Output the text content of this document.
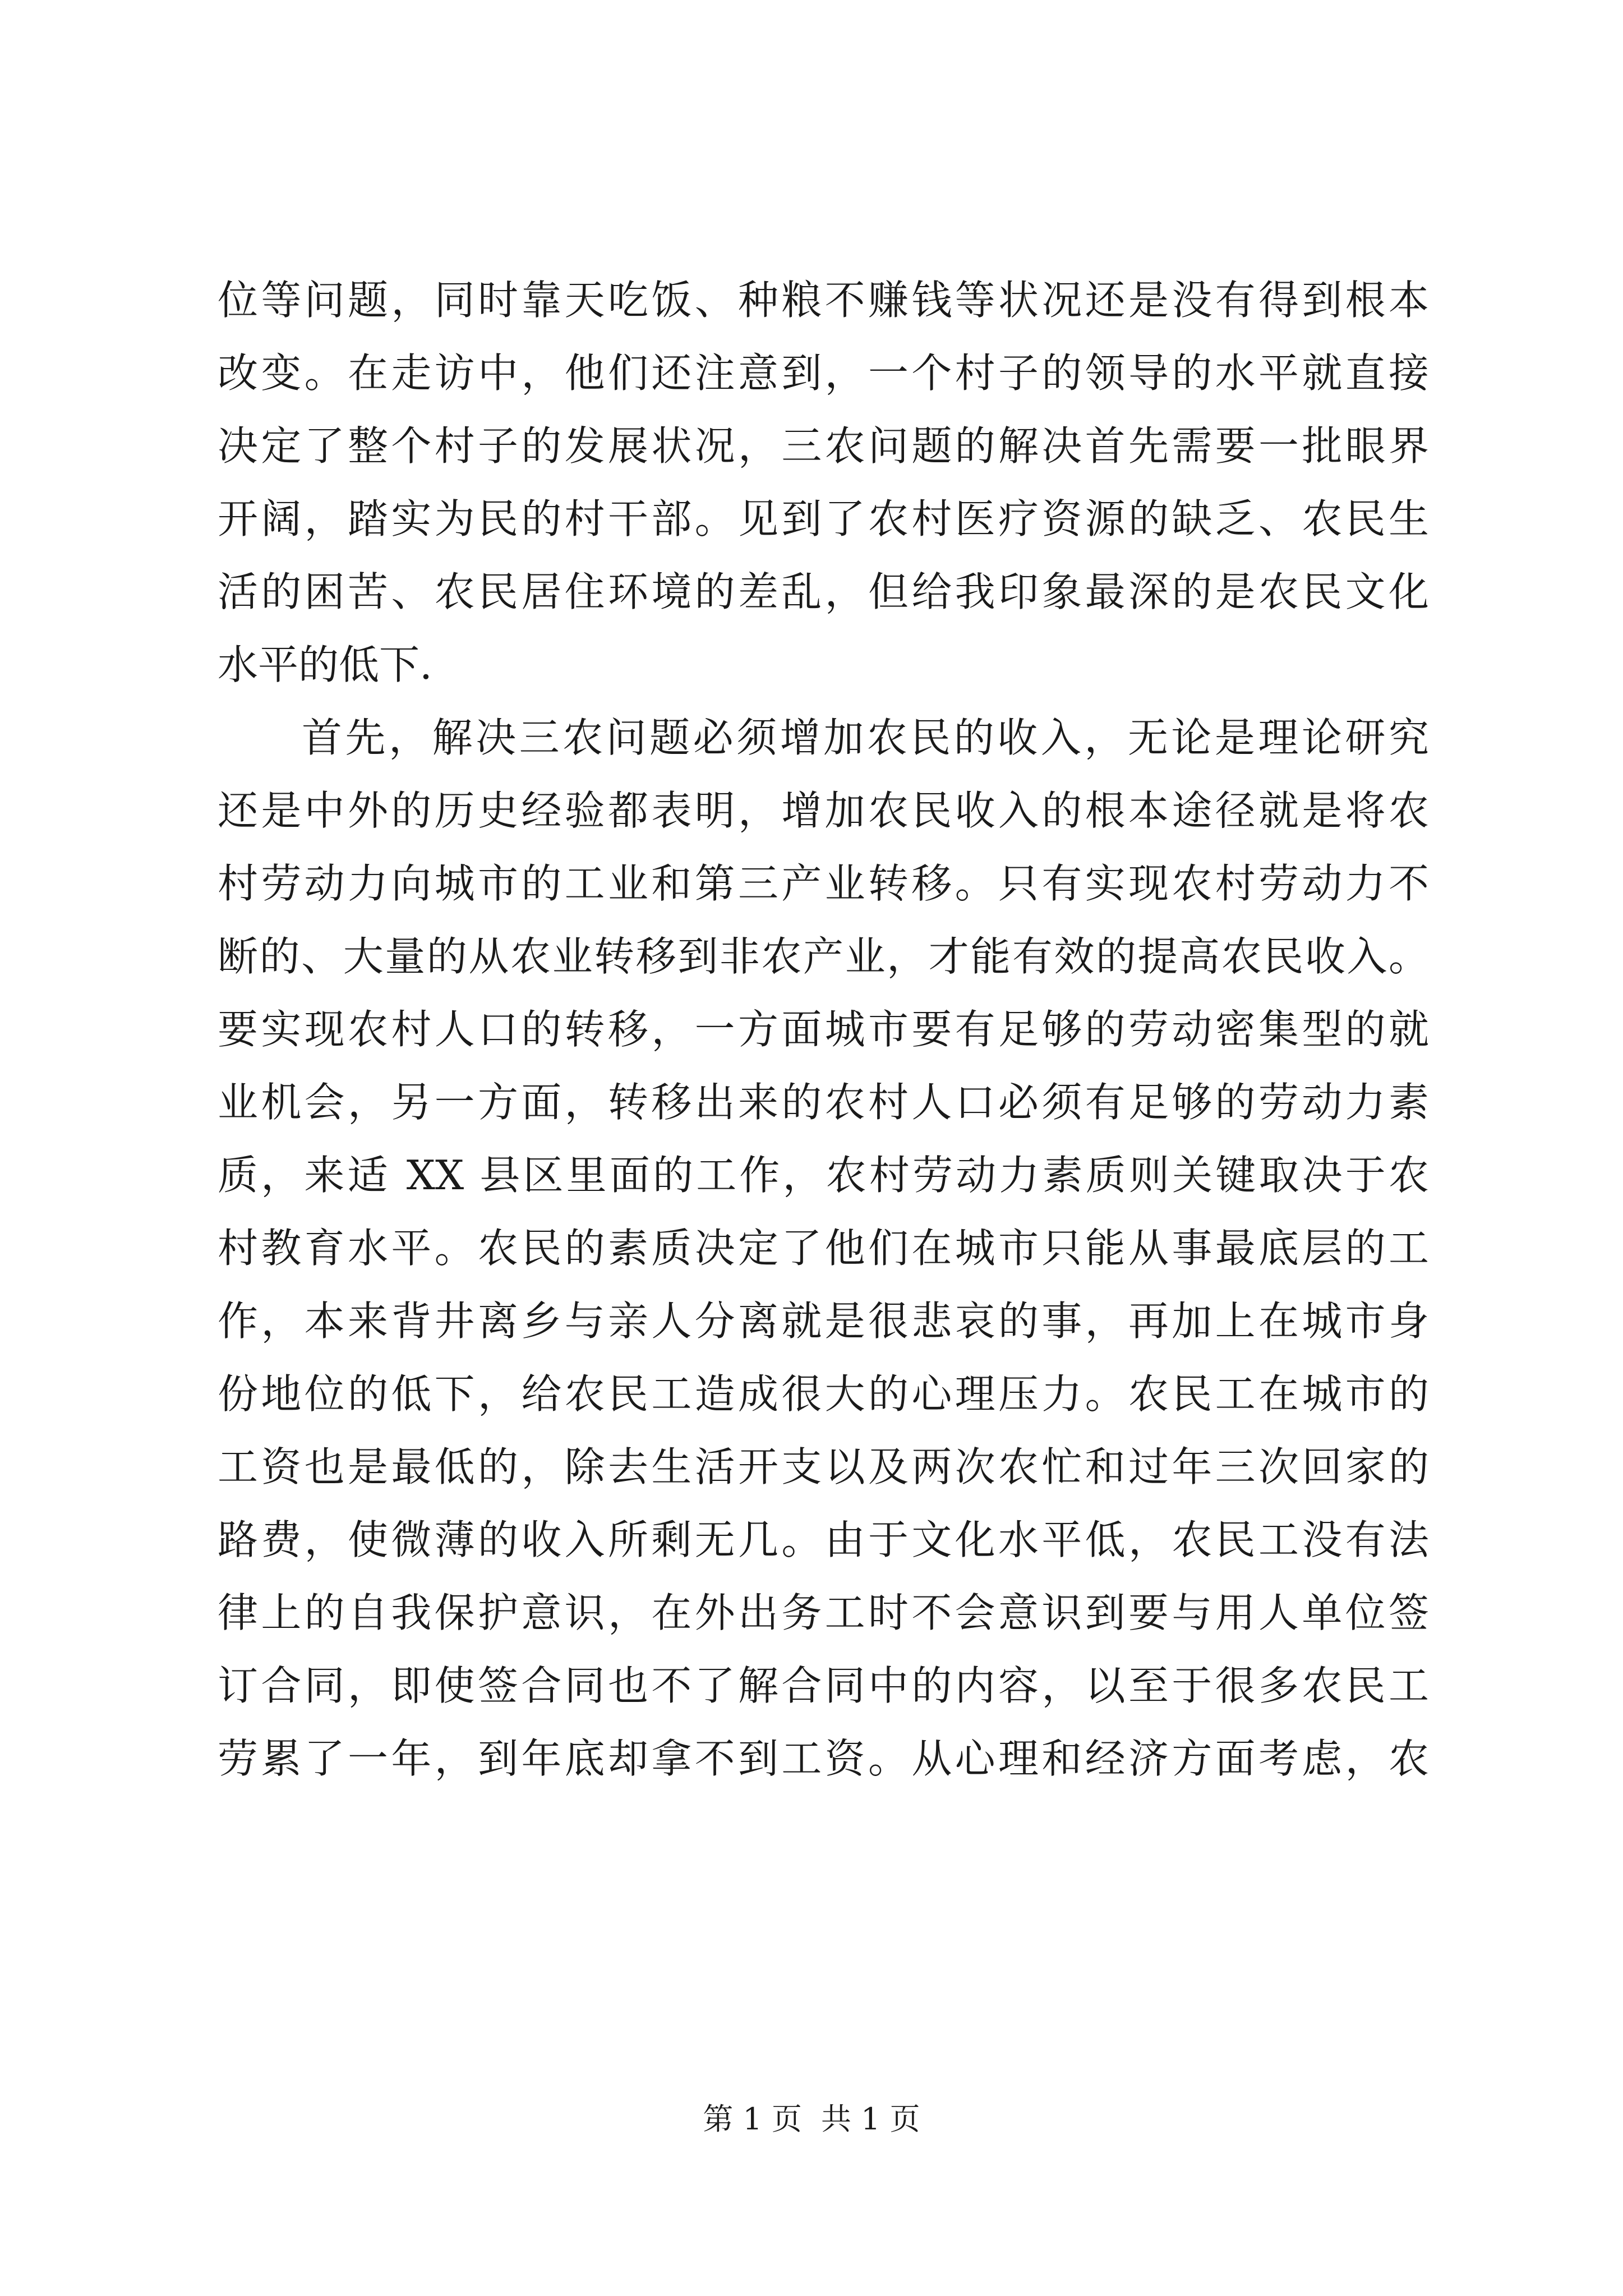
位等问题，同时靠天吃饭、种粮不赚钱等状况还是没有得到根本
改变。在走访中，他们还注意到，一个村子的领导的水平就直接
决定了整个村子的发展状况，三农问题的解决首先需要一批眼界
开阔，踏实为民的村干部。见到了农村医疗资源的缺乏、农民生
活的困苦、农民居住环境的差乱，但给我印象最深的是农民文化
水平的低下.
首先，解决三农问题必须增加农民的收入，无论是理论研究
还是中外的历史经验都表明，增加农民收入的根本途径就是将农
村劳动力向城市的工业和第三产业转移。只有实现农村劳动力不
断的、大量的从农业转移到非农产业，才能有效的提高农民收入。
要实现农村人口的转移，一方面城市要有足够的劳动密集型的就
业机会，另一方面，转移出来的农村人口必须有足够的劳动力素
质，来适 XX 县区里面的工作，农村劳动力素质则关键取决于农
村教育水平。农民的素质决定了他们在城市只能从事最底层的工
作，本来背井离乡与亲人分离就是很悲哀的事，再加上在城市身
份地位的低下，给农民工造成很大的心理压力。农民工在城市的
工资也是最低的，除去生活开支以及两次农忙和过年三次回家的
路费，使微薄的收入所剩无几。由于文化水平低，农民工没有法
律上的自我保护意识，在外出务工时不会意识到要与用人单位签
订合同，即使签合同也不了解合同中的内容，以至于很多农民工
劳累了一年，到年底却拿不到工资。从心理和经济方面考虑，农
第 1 页 共 1 页
